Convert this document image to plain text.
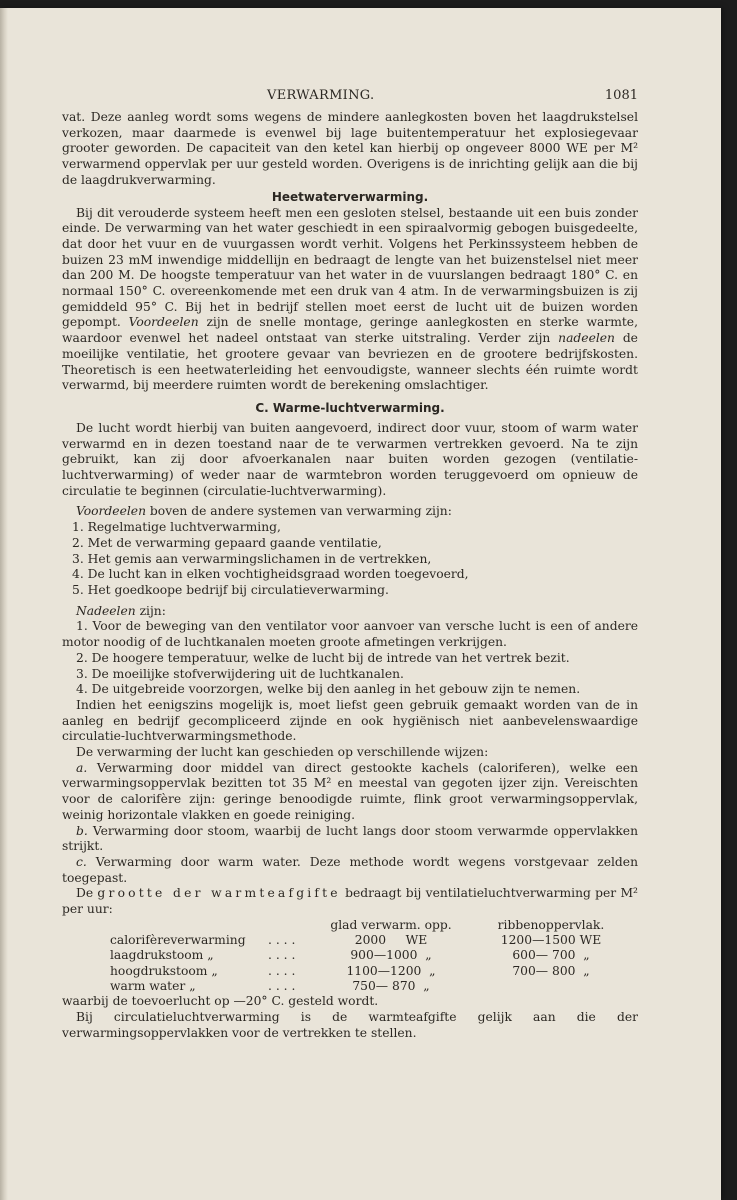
VERWARMING.	1081

vat. Deze aanleg wordt soms wegens de mindere aanlegkosten boven het laagdrukstelsel verkozen, maar daarmede is evenwel bij lage buitentemperatuur het explosiegevaar grooter geworden. De capaciteit van den ketel kan hierbij op ongeveer 8000 WE per M² verwarmend oppervlak per uur gesteld worden. Overigens is de inrichting gelijk aan die bij de laagdrukverwarming.

Heetwaterverwarming.

Bij dit verouderde systeem heeft men een gesloten stelsel, bestaande uit een buis zonder einde. De verwarming van het water geschiedt in een spiraalvormig gebogen buisgedeelte, dat door het vuur en de vuurgassen wordt verhit. Volgens het Perkinssysteem hebben de buizen 23 mM inwendige middellijn en bedraagt de lengte van het buizenstelsel niet meer dan 200 M. De hoogste temperatuur van het water in de vuurslangen bedraagt 180° C. en normaal 150° C. overeenkomende met een druk van 4 atm. In de verwarmingsbuizen is zij gemiddeld 95° C. Bij het in bedrijf stellen moet eerst de lucht uit de buizen worden gepompt. Voordeelen zijn de snelle montage, geringe aanlegkosten en sterke warmte, waardoor evenwel het nadeel ontstaat van sterke uitstraling. Verder zijn nadeelen de moeilijke ventilatie, het grootere gevaar van bevriezen en de grootere bedrijfskosten. Theoretisch is een heetwaterleiding het eenvoudigste, wanneer slechts één ruimte wordt verwarmd, bij meerdere ruimten wordt de berekening omslachtiger.

C. Warme-luchtverwarming.

De lucht wordt hierbij van buiten aangevoerd, indirect door vuur, stoom of warm water verwarmd en in dezen toestand naar de te verwarmen vertrekken gevoerd. Na te zijn gebruikt, kan zij door afvoerkanalen naar buiten worden gezogen (ventilatie-luchtverwarming) of weder naar de warmtebron worden teruggevoerd om opnieuw de circulatie te beginnen (circulatie-luchtverwarming).

Voordeelen boven de andere systemen van verwarming zijn:

1. Regelmatige luchtverwarming,

2. Met de verwarming gepaard gaande ventilatie,

3. Het gemis aan verwarmingslichamen in de vertrekken,

4. De lucht kan in elken vochtigheidsgraad worden toegevoerd,

5. Het goedkoope bedrijf bij circulatieverwarming.

Nadeelen zijn:

1. Voor de beweging van den ventilator voor aanvoer van versche lucht is een of andere motor noodig of de luchtkanalen moeten groote afmetingen verkrijgen.

2. De hoogere temperatuur, welke de lucht bij de intrede van het vertrek bezit.

3. De moeilijke stofverwijdering uit de luchtkanalen.

4. De uitgebreide voorzorgen, welke bij den aanleg in het gebouw zijn te nemen.

Indien het eenigszins mogelijk is, moet liefst geen gebruik gemaakt worden van de in aanleg en bedrijf gecompliceerd zijnde en ook hygiënisch niet aanbevelenswaardige circulatie-luchtverwarmingsmethode.

De verwarming der lucht kan geschieden op verschillende wijzen:

a. Verwarming door middel van direct gestookte kachels (caloriferen), welke een verwarmingsoppervlak bezitten tot 35 M² en meestal van gegoten ijzer zijn. Vereischten voor de calorifère zijn: geringe benoodigde ruimte, flink groot verwarmingsoppervlak, weinig horizontale vlakken en goede reiniging.

b. Verwarming door stoom, waarbij de lucht langs door stoom verwarmde oppervlakken strijkt.

c. Verwarming door warm water. Deze methode wordt wegens vorstgevaar zelden toegepast.

De grootte der warmteafgifte bedraagt bij ventilatieluchtverwarming per M² per uur:

		glad verwarm. opp.	ribbenoppervlak.
calorifèreverwarming	. . . .	2000     WE	1200—1500 WE
laagdrukstoom „	. . . .	900—1000  „	600— 700  „
hoogdrukstoom „	. . . .	1100—1200  „	700— 800  „
warm water „	. . . .	750— 870  „	

waarbij de toevoerlucht op —20° C. gesteld wordt.

Bij circulatieluchtverwarming is de warmteafgifte gelijk aan die der verwarmingsoppervlakken voor de vertrekken te stellen.
